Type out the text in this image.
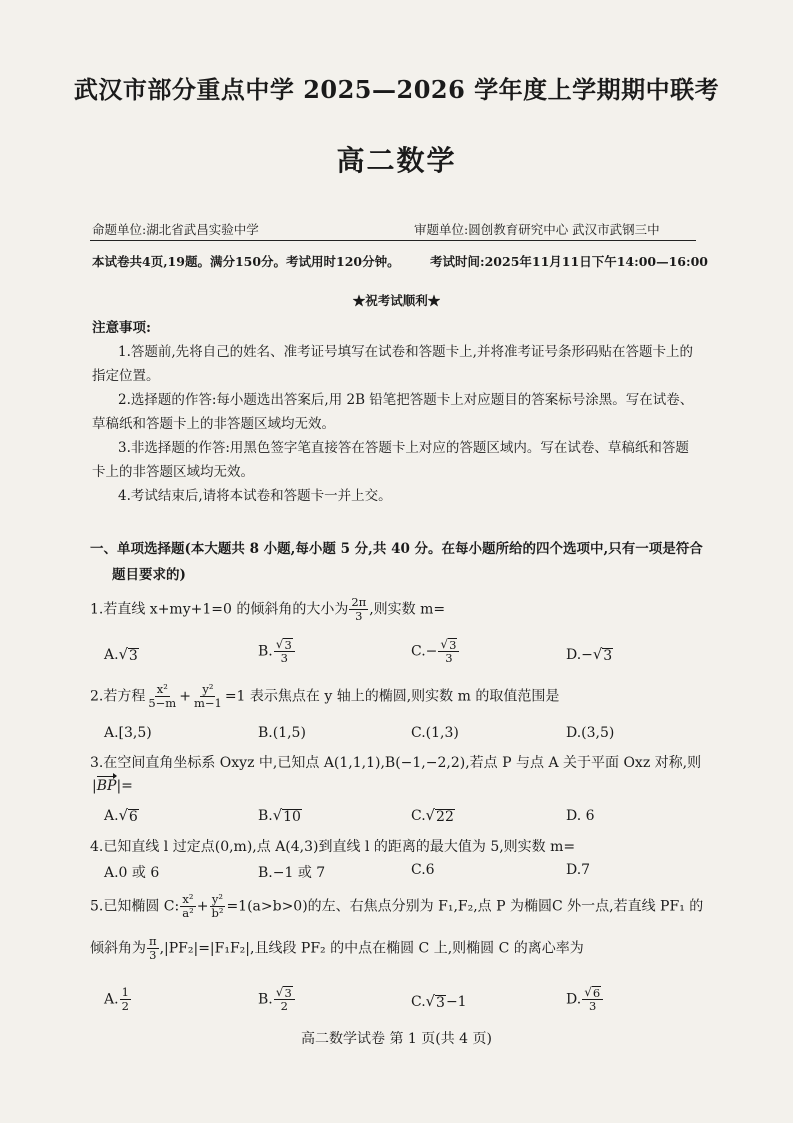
武汉市部分重点中学 2025—2026 学年度上学期期中联考
高二数学
命题单位:湖北省武昌实验中学	审题单位:圆创教育研究中心 武汉市武钢三中
本试卷共4页,19题。满分150分。考试用时120分钟。 考试时间:2025年11月11日下午14:00—16:00
★祝考试顺利★
注意事项:
1.答题前,先将自己的姓名、准考证号填写在试卷和答题卡上,并将准考证号条形码贴在答题卡上的
指定位置。
2.选择题的作答:每小题选出答案后,用 2B 铅笔把答题卡上对应题目的答案标号涂黑。写在试卷、
草稿纸和答题卡上的非答题区域均无效。
3.非选择题的作答:用黑色签字笔直接答在答题卡上对应的答题区域内。写在试卷、草稿纸和答题
卡上的非答题区域均无效。
4.考试结束后,请将本试卷和答题卡一并上交。
一、单项选择题(本大题共 8 小题,每小题 5 分,共 40 分。在每小题所给的四个选项中,只有一项是符合
题目要求的)
1.若直线 x+my+1=0 的倾斜角的大小为 $\frac{2\pi}{3}$ ,则实数 m=
A. √ 3	B. $\frac{√ 3}{3}$	$C.- \frac{√ 3}{3}$	D.− √ 3
2.若方程 $\frac{\text{x²}}{5-m} + \frac{\text{y²}}{m-1} =1$ 表示焦点在 y 轴上的椭圆,则实数 m 的取值范围是
A.[3,5)	B.(1,5)	C.(1,3)	D.(3,5)
3.在空间直角坐标系 Oxyz 中,已知点 A(1,1,1),B(−1,−2,2),若点 P 与点 A 关于平面 Oxz 对称,则
|BP|=
A. √ 6	B. √ 10	C. √ 22	D. 6
4.已知直线 l 过定点(0,m),点 A(4,3)到直线 l 的距离的最大值为 5,则实数 m=
A.0 或 6	B.−1 或 7	C.6	D.7
5.已知椭圆 C: $\frac{\text{x²}}{\text{a²}} + \frac{\text{y²}}{\text{b²}} =1(a>b>0)$的左、右焦点分别为 F₁,F₂,点 P 为椭圆C 外一点,若直线 PF₁ 的
倾斜角为 $\frac{\pi}{3} ,|PF_2|=|F_1F_2|$,且线段 PF₂ 的中点在椭圆 C 上,则椭圆 C 的离心率为
A. $\frac{1}{2}$	B. $\frac{√ 3}{2}$	C. √ 3 −1	D. $\frac{√ 6}{3}$
高二数学试卷 第 1 页(共 4 页)
